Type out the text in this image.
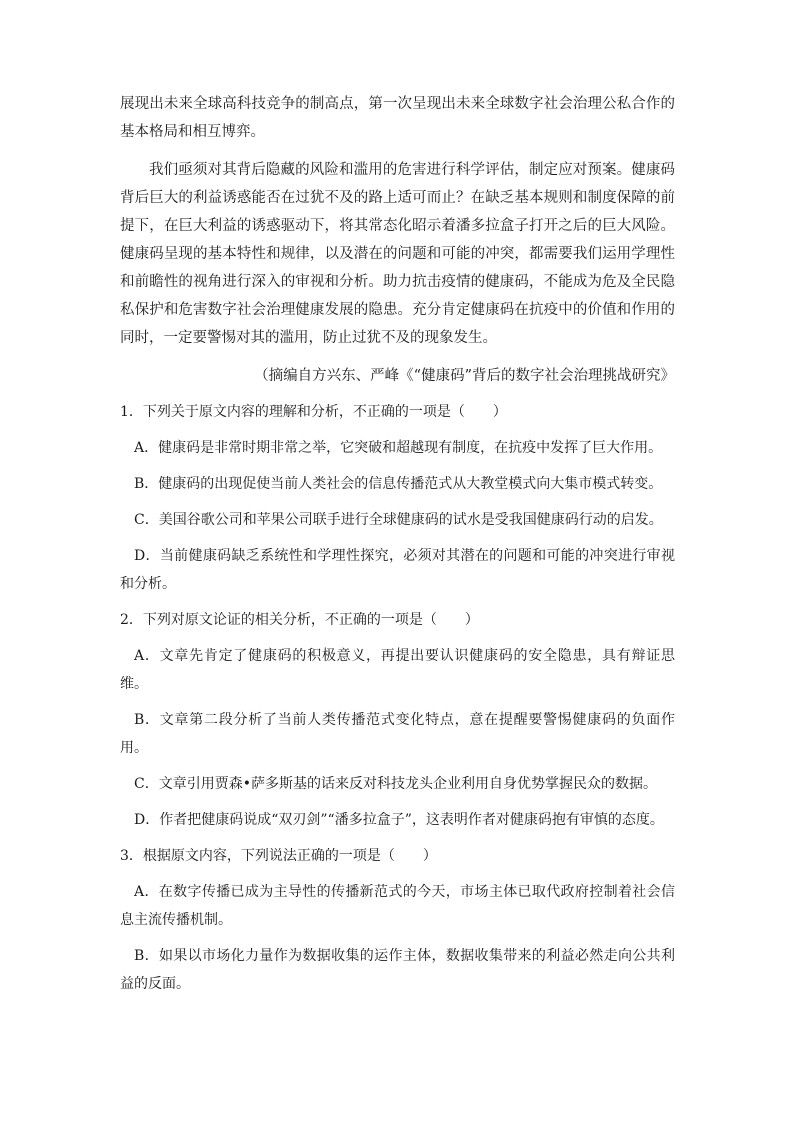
展现出未来全球高科技竞争的制高点，第一次呈现出未来全球数字社会治理公私合作的基本格局和相互博弈。

我们亟须对其背后隐藏的风险和滥用的危害进行科学评估，制定应对预案。健康码背后巨大的利益诱惑能否在过犹不及的路上适可而止？在缺乏基本规则和制度保障的前提下，在巨大利益的诱惑驱动下，将其常态化昭示着潘多拉盒子打开之后的巨大风险。健康码呈现的基本特性和规律，以及潜在的问题和可能的冲突，都需要我们运用学理性和前瞻性的视角进行深入的审视和分析。助力抗击疫情的健康码，不能成为危及全民隐私保护和危害数字社会治理健康发展的隐患。充分肯定健康码在抗疫中的价值和作用的同时，一定要警惕对其的滥用，防止过犹不及的现象发生。

（摘编自方兴东、严峰《“健康码”背后的数字社会治理挑战研究》

1．下列关于原文内容的理解和分析，不正确的一项是（　　）

A．健康码是非常时期非常之举，它突破和超越现有制度，在抗疫中发挥了巨大作用。

B．健康码的出现促使当前人类社会的信息传播范式从大教堂模式向大集市模式转变。

C．美国谷歌公司和苹果公司联手进行全球健康码的试水是受我国健康码行动的启发。

D．当前健康码缺乏系统性和学理性探究，必须对其潜在的问题和可能的冲突进行审视和分析。

2．下列对原文论证的相关分析，不正确的一项是（　　）

A．文章先肯定了健康码的积极意义，再提出要认识健康码的安全隐患，具有辩证思维。

B．文章第二段分析了当前人类传播范式变化特点，意在提醒要警惕健康码的负面作用。

C．文章引用贾森•萨多斯基的话来反对科技龙头企业利用自身优势掌握民众的数据。

D．作者把健康码说成“双刃剑”“潘多拉盒子”，这表明作者对健康码抱有审慎的态度。

3．根据原文内容，下列说法正确的一项是（　　）

A．在数字传播已成为主导性的传播新范式的今天，市场主体已取代政府控制着社会信息主流传播机制。

B．如果以市场化力量作为数据收集的运作主体，数据收集带来的利益必然走向公共利益的反面。
